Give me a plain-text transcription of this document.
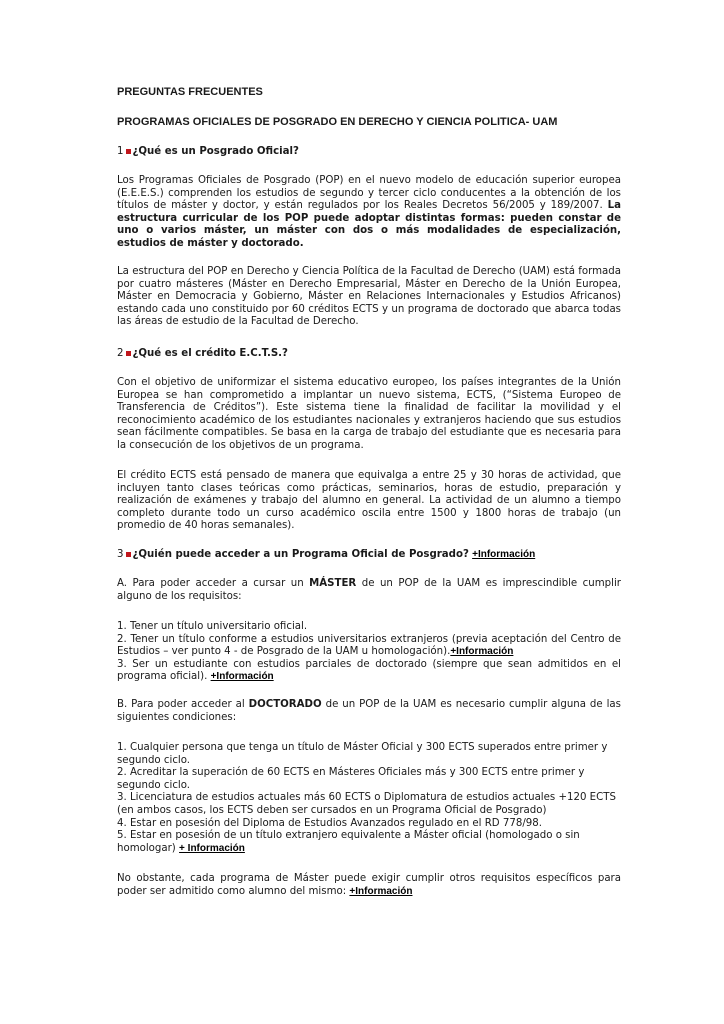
PREGUNTAS FRECUENTES
PROGRAMAS OFICIALES DE POSGRADO EN DERECHO Y CIENCIA POLITICA- UAM
1 ¿Qué es un Posgrado Oficial?
Los Programas Oficiales de Posgrado (POP) en el nuevo modelo de educación superior europea (E.E.E.S.) comprenden los estudios de segundo y tercer ciclo conducentes a la obtención de los títulos de máster y doctor, y están regulados por los Reales Decretos 56/2005 y 189/2007. La estructura curricular de los POP puede adoptar distintas formas: pueden constar de uno o varios máster, un máster con dos o más modalidades de especialización, estudios de máster y doctorado.
La estructura del POP en Derecho y Ciencia Política de la Facultad de Derecho (UAM) está formada por cuatro másteres (Máster en Derecho Empresarial, Máster en Derecho de la Unión Europea, Máster en Democracia y Gobierno, Máster en Relaciones Internacionales y Estudios Africanos) estando cada uno constituido por 60 créditos ECTS y un programa de doctorado que abarca todas las áreas de estudio de la Facultad de Derecho.
2 ¿Qué es el crédito E.C.T.S.?
Con el objetivo de uniformizar el sistema educativo europeo, los países integrantes de la Unión Europea se han comprometido a implantar un nuevo sistema, ECTS, (“Sistema Europeo de Transferencia de Créditos”). Este sistema tiene la finalidad de facilitar la movilidad y el reconocimiento académico de los estudiantes nacionales y extranjeros haciendo que sus estudios sean fácilmente compatibles. Se basa en la carga de trabajo del estudiante que es necesaria para la consecución de los objetivos de un programa.
El crédito ECTS está pensado de manera que equivalga a entre 25 y 30 horas de actividad, que incluyen tanto clases teóricas como prácticas, seminarios, horas de estudio, preparación y realización de exámenes y trabajo del alumno en general. La actividad de un alumno a tiempo completo durante todo un curso académico oscila entre 1500 y 1800 horas de trabajo (un promedio de 40 horas semanales).
3 ¿Quién puede acceder a un Programa Oficial de Posgrado? +Información
A. Para poder acceder a cursar un MÁSTER de un POP de la UAM es imprescindible cumplir alguno de los requisitos:
1. Tener un título universitario oficial.
2. Tener un título conforme a estudios universitarios extranjeros (previa aceptación del Centro de Estudios – ver punto 4 - de Posgrado de la UAM u homologación).+Información
3. Ser un estudiante con estudios parciales de doctorado (siempre que sean admitidos en el programa oficial). +Información
B. Para poder acceder al DOCTORADO de un POP de la UAM es necesario cumplir alguna de las siguientes condiciones:
1. Cualquier persona que tenga un título de Máster Oficial y 300 ECTS superados entre primer y segundo ciclo.
2. Acreditar la superación de 60 ECTS en Másteres Oficiales más y 300 ECTS entre primer y segundo ciclo.
3. Licenciatura de estudios actuales más 60 ECTS o Diplomatura de estudios actuales +120 ECTS (en ambos casos, los ECTS deben ser cursados en un Programa Oficial de Posgrado)
4. Estar en posesión del Diploma de Estudios Avanzados regulado en el RD 778/98.
5. Estar en posesión de un título extranjero equivalente a Máster oficial (homologado o sin homologar) + Información
No obstante, cada programa de Máster puede exigir cumplir otros requisitos específicos para poder ser admitido como alumno del mismo: +Información
